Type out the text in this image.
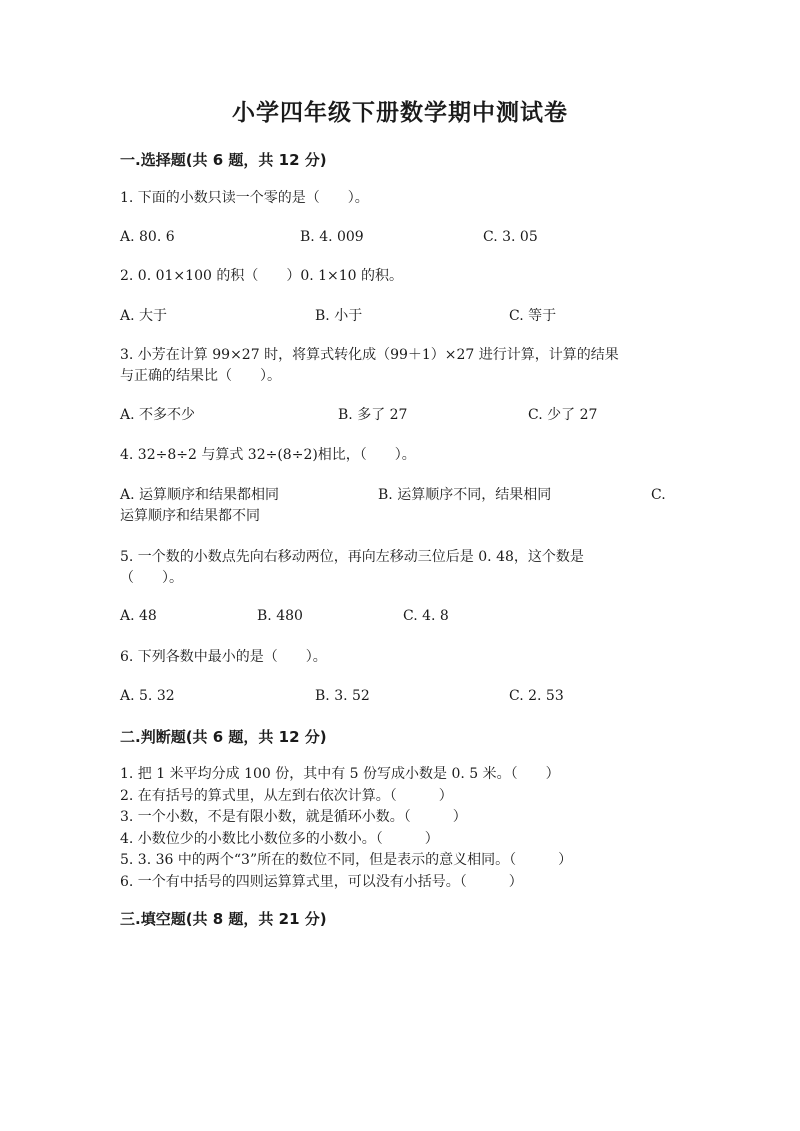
小学四年级下册数学期中测试卷
一.选择题(共 6 题，共 12 分)
1. 下面的小数只读一个零的是（　　）。
A. 80. 6	B. 4. 009	C. 3. 05
2. 0. 01×100 的积（　　）0. 1×10 的积。
A. 大于	B. 小于	C. 等于
3. 小芳在计算 99×27 时，将算式转化成（99＋1）×27 进行计算，计算的结果
与正确的结果比（　　）。
A. 不多不少	B. 多了 27	C. 少了 27
4. 32÷8÷2 与算式 32÷(8÷2)相比，（　　）。
A. 运算顺序和结果都相同	B. 运算顺序不同，结果相同	C.
运算顺序和结果都不同
5. 一个数的小数点先向右移动两位，再向左移动三位后是 0. 48，这个数是
（　　）。
A. 48	B. 480	C. 4. 8
6. 下列各数中最小的是（　　）。
A. 5. 32	B. 3. 52	C. 2. 53
二.判断题(共 6 题，共 12 分)
1. 把 1 米平均分成 100 份，其中有 5 份写成小数是 0. 5 米。（　　）
2. 在有括号的算式里，从左到右依次计算。（　　　）
3. 一个小数，不是有限小数，就是循环小数。（　　　）
4. 小数位少的小数比小数位多的小数小。（　　　）
5. 3. 36 中的两个“3”所在的数位不同，但是表示的意义相同。（　　　）
6. 一个有中括号的四则运算算式里，可以没有小括号。（　　　）
三.填空题(共 8 题，共 21 分)
